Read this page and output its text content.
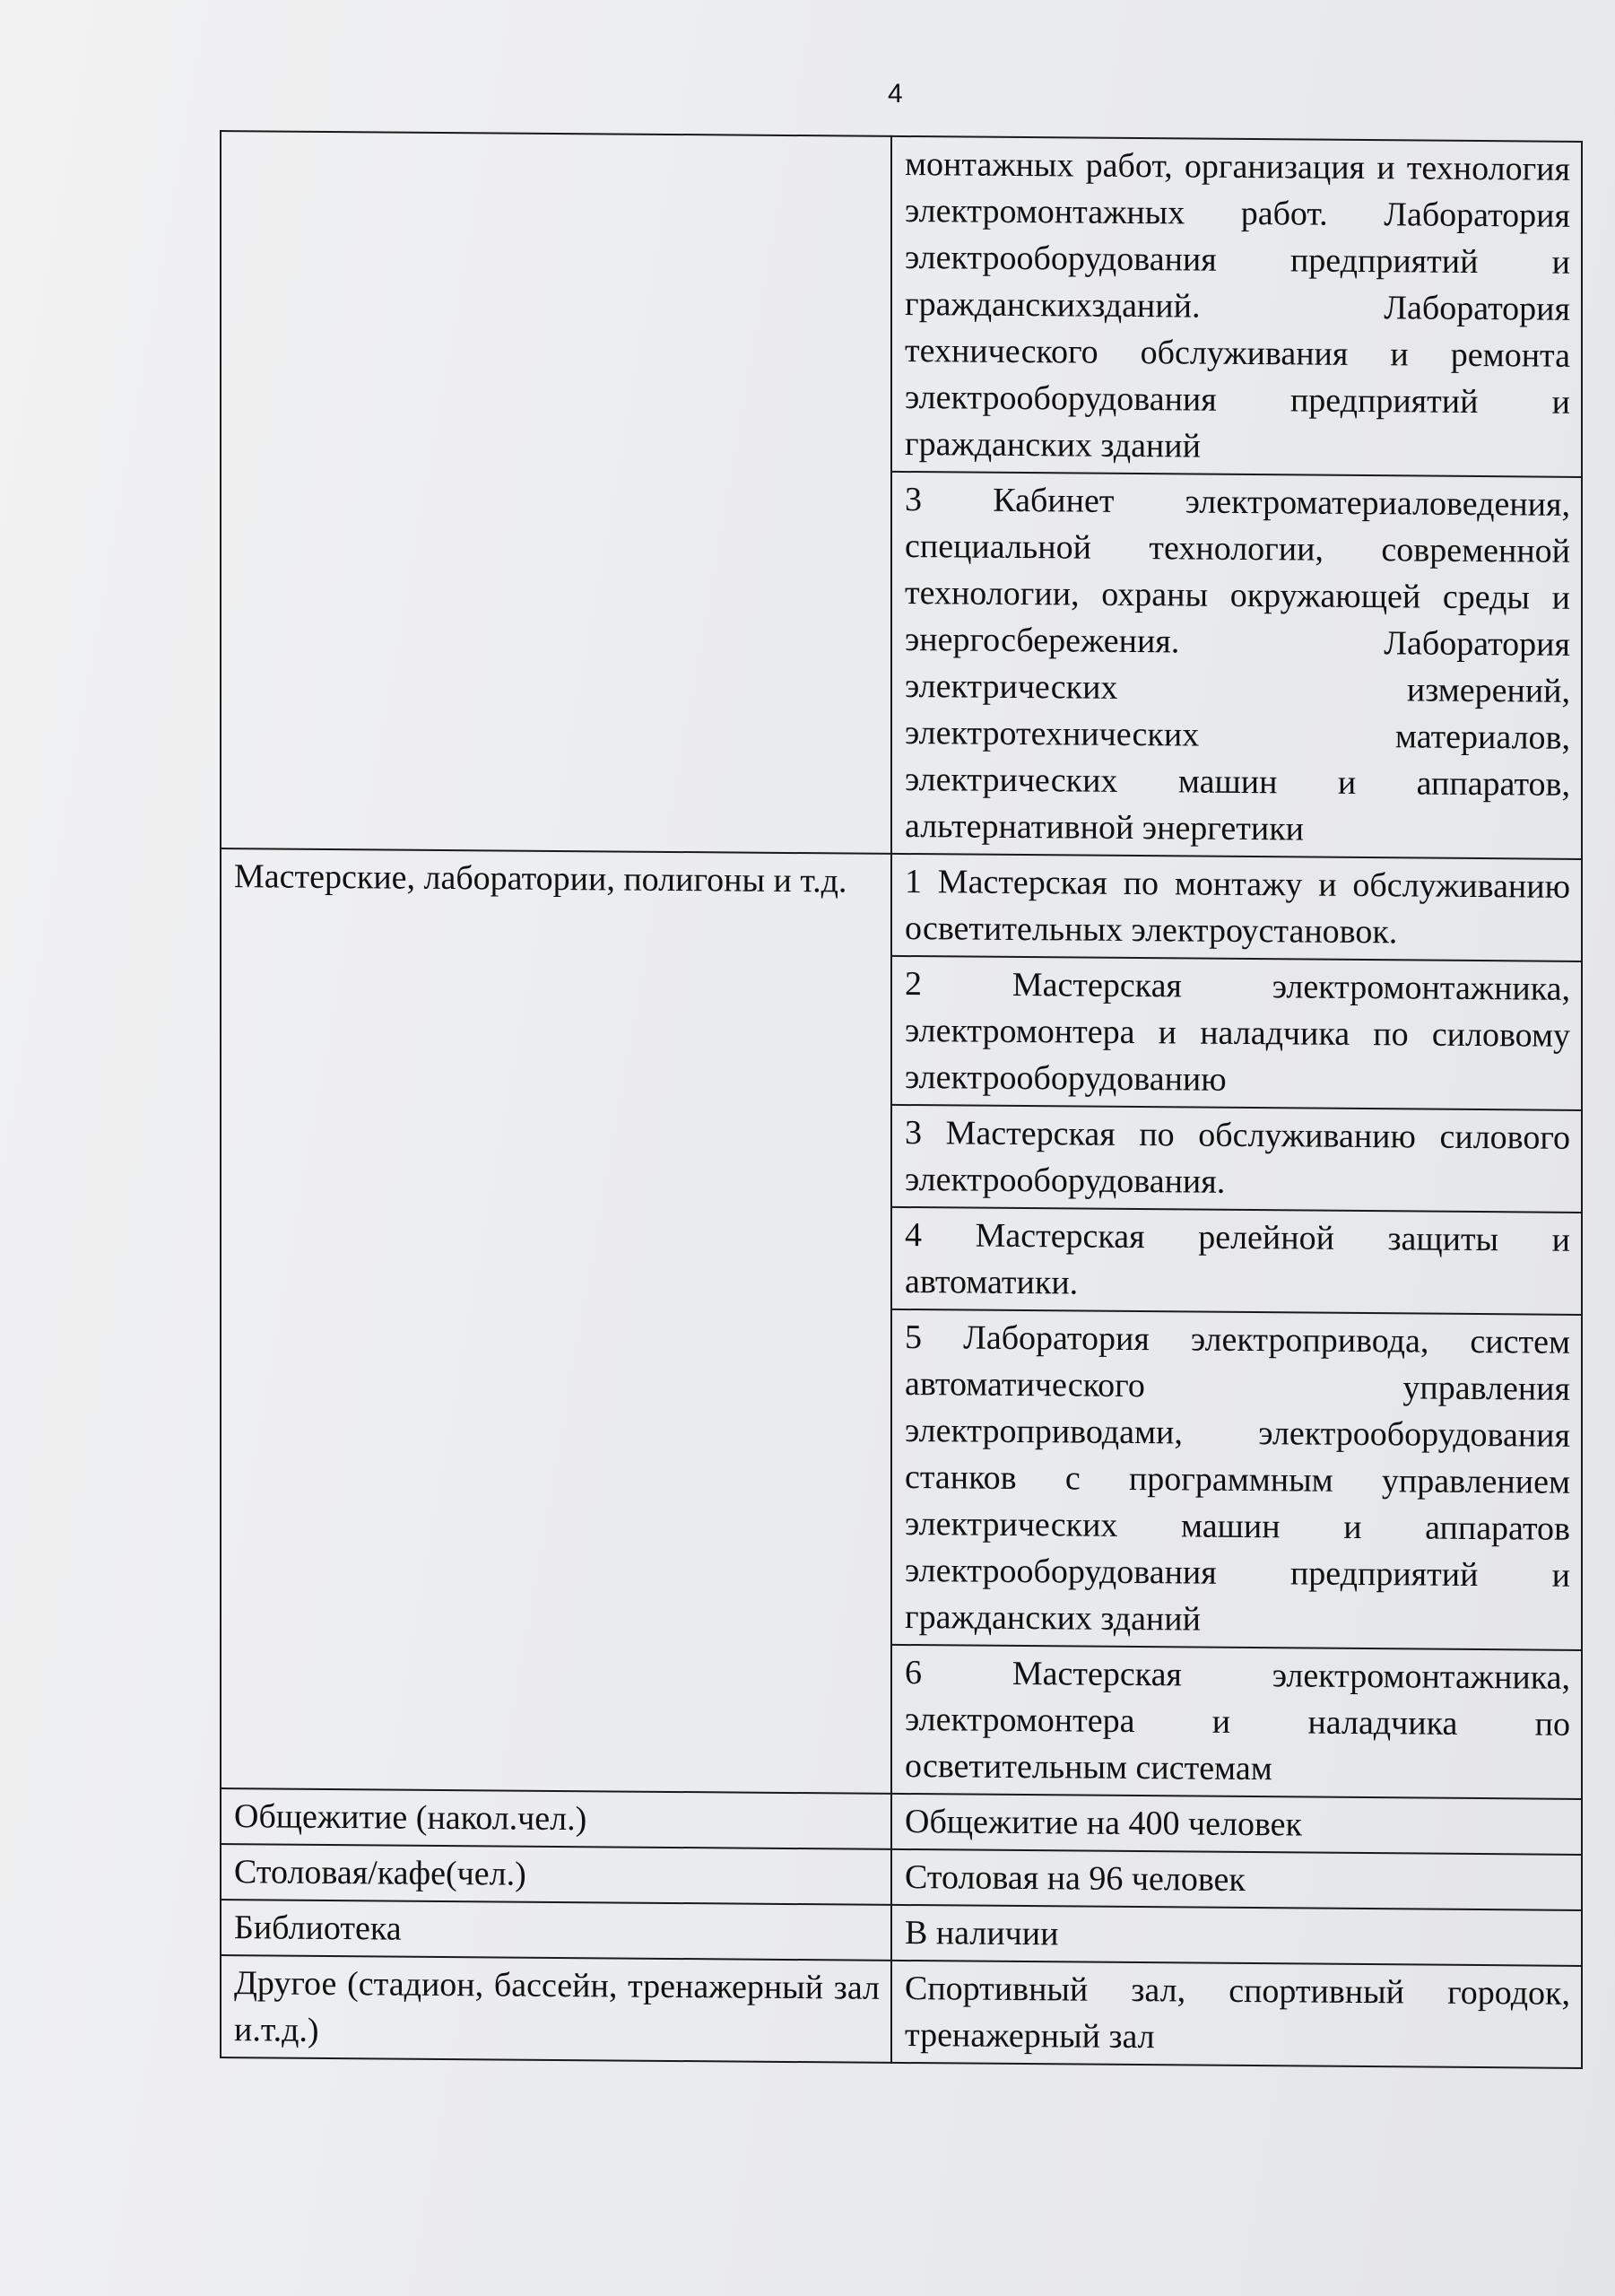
4
	монтажных работ, организация и технология электромонтажных работ. Лаборатория электрооборудования предприятий и гражданскихзданий. Лаборатория технического обслуживания и ремонта электрооборудования предприятий и гражданских зданий
	3 Кабинет электроматериаловедения, специальной технологии, современной технологии, охраны окружающей среды и энергосбережения. Лаборатория электрических измерений, электротехнических материалов, электрических машин и аппаратов, альтернативной энергетики
Мастерские, лаборатории, полигоны и т.д.	1 Мастерская по монтажу и обслуживанию осветительных электроустановок.
	2 Мастерская электромонтажника, электромонтера и наладчика по силовому электрооборудованию
	3 Мастерская по обслуживанию силового электрооборудования.
	4 Мастерская релейной защиты и автоматики.
	5 Лаборатория электропривода, систем автоматического управления электроприводами, электрооборудования станков с программным управлением электрических машин и аппаратов электрооборудования предприятий и гражданских зданий
	6 Мастерская электромонтажника, электромонтера и наладчика по осветительным системам
Общежитие (накол.чел.)	Общежитие на 400 человек
Столовая/кафе(чел.)	Столовая на 96 человек
Библиотека	В наличии
Другое (стадион, бассейн, тренажерный зал и.т.д.)	Спортивный зал, спортивный городок, тренажерный зал
